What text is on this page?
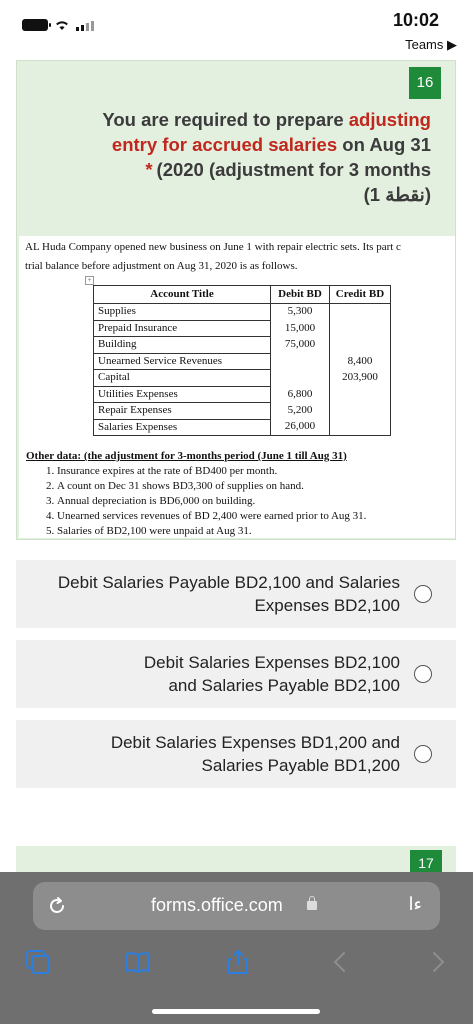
10:02
Teams ▶
16
You are required to prepare adjusting
entry for accrued salaries on Aug 31
* (2020 (adjustment for 3 months
(1 نقطة)
AL Huda Company opened new business on June 1 with repair electric sets. Its part c
trial balance before adjustment on Aug 31, 2020 is as follows.
+
Account Title	Debit BD	Credit BD
Supplies	5,300	
Prepaid Insurance	15,000	
Building	75,000	
Unearned Service Revenues		8,400
Capital		203,900
Utilities Expenses	6,800	
Repair Expenses	5,200	
Salaries Expenses	26,000	
Other data: (the adjustment for 3-months period (June 1 till Aug 31)
1. Insurance expires at the rate of BD400 per month.
2. A count on Dec 31 shows BD3,300 of supplies on hand.
3. Annual depreciation is BD6,000 on building.
4. Unearned services revenues of BD 2,400 were earned prior to Aug 31.
5. Salaries of BD2,100 were unpaid at Aug 31.
Debit Salaries Payable BD2,100 and Salaries
Expenses BD2,100
Debit Salaries Expenses BD2,100
and Salaries Payable BD2,100
Debit Salaries Expenses BD1,200 and
Salaries Payable BD1,200
17
forms.office.com	ءا
